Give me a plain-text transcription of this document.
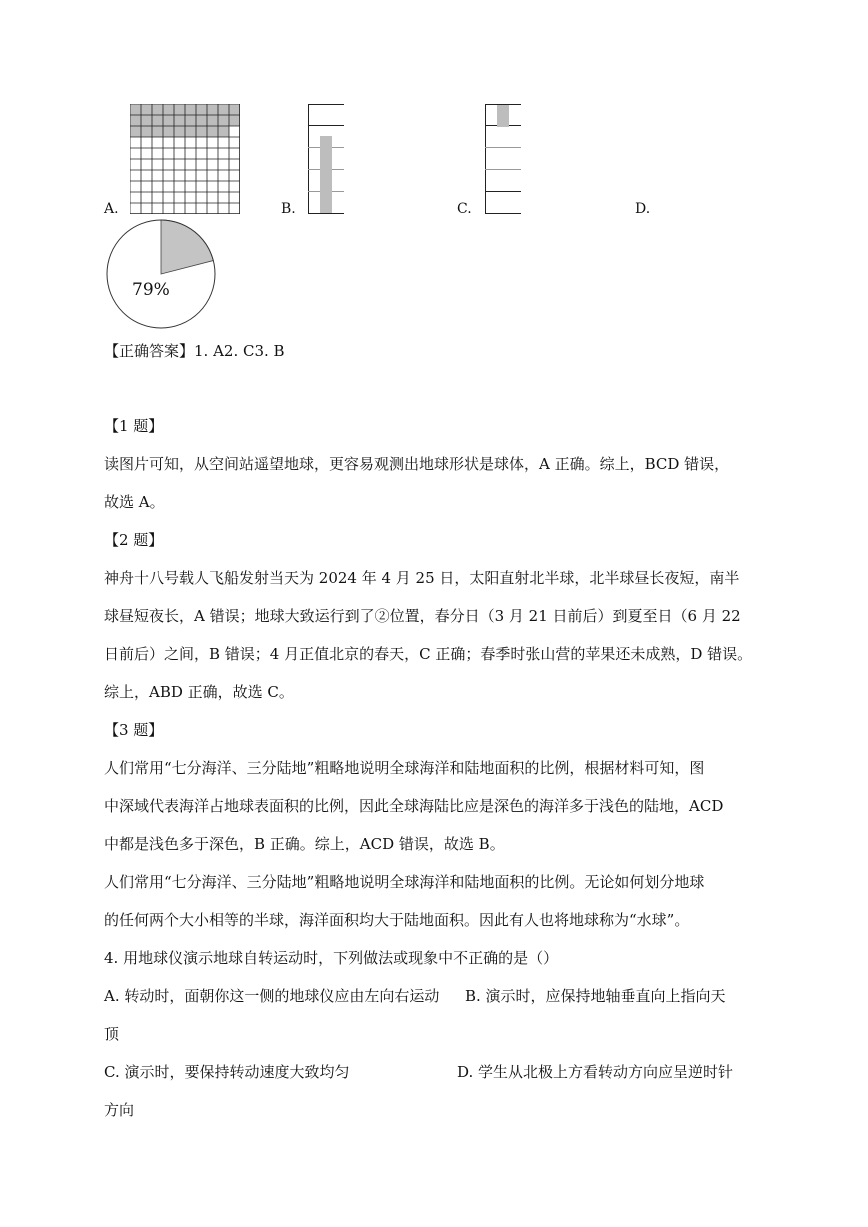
A.	B.	C.	D.
79%
【正确答案】1. A2. C3. B
【1 题】
读图片可知，从空间站遥望地球，更容易观测出地球形状是球体，A 正确。综上，BCD 错误，
故选 A。
【2 题】
神舟十八号载人飞船发射当天为 2024 年 4 月 25 日，太阳直射北半球，北半球昼长夜短，南半
球昼短夜长，A 错误；地球大致运行到了②位置，春分日（3 月 21 日前后）到夏至日（6 月 22
日前后）之间，B 错误；4 月正值北京的春天，C 正确；春季时张山营的苹果还未成熟，D 错误。
综上，ABD 正确，故选 C。
【3 题】
人们常用“七分海洋、三分陆地”粗略地说明全球海洋和陆地面积的比例，根据材料可知，图
中深域代表海洋占地球表面积的比例，因此全球海陆比应是深色的海洋多于浅色的陆地，ACD
中都是浅色多于深色，B 正确。综上，ACD 错误，故选 B。
人们常用“七分海洋、三分陆地”粗略地说明全球海洋和陆地面积的比例。无论如何划分地球
的任何两个大小相等的半球，海洋面积均大于陆地面积。因此有人也将地球称为“水球”。
4. 用地球仪演示地球自转运动时，下列做法或现象中不正确的是（）
A. 转动时，面朝你这一侧的地球仪应由左向右运动 B. 演示时，应保持地轴垂直向上指向天
顶
C. 演示时，要保持转动速度大致均匀	D. 学生从北极上方看转动方向应呈逆时针
方向
